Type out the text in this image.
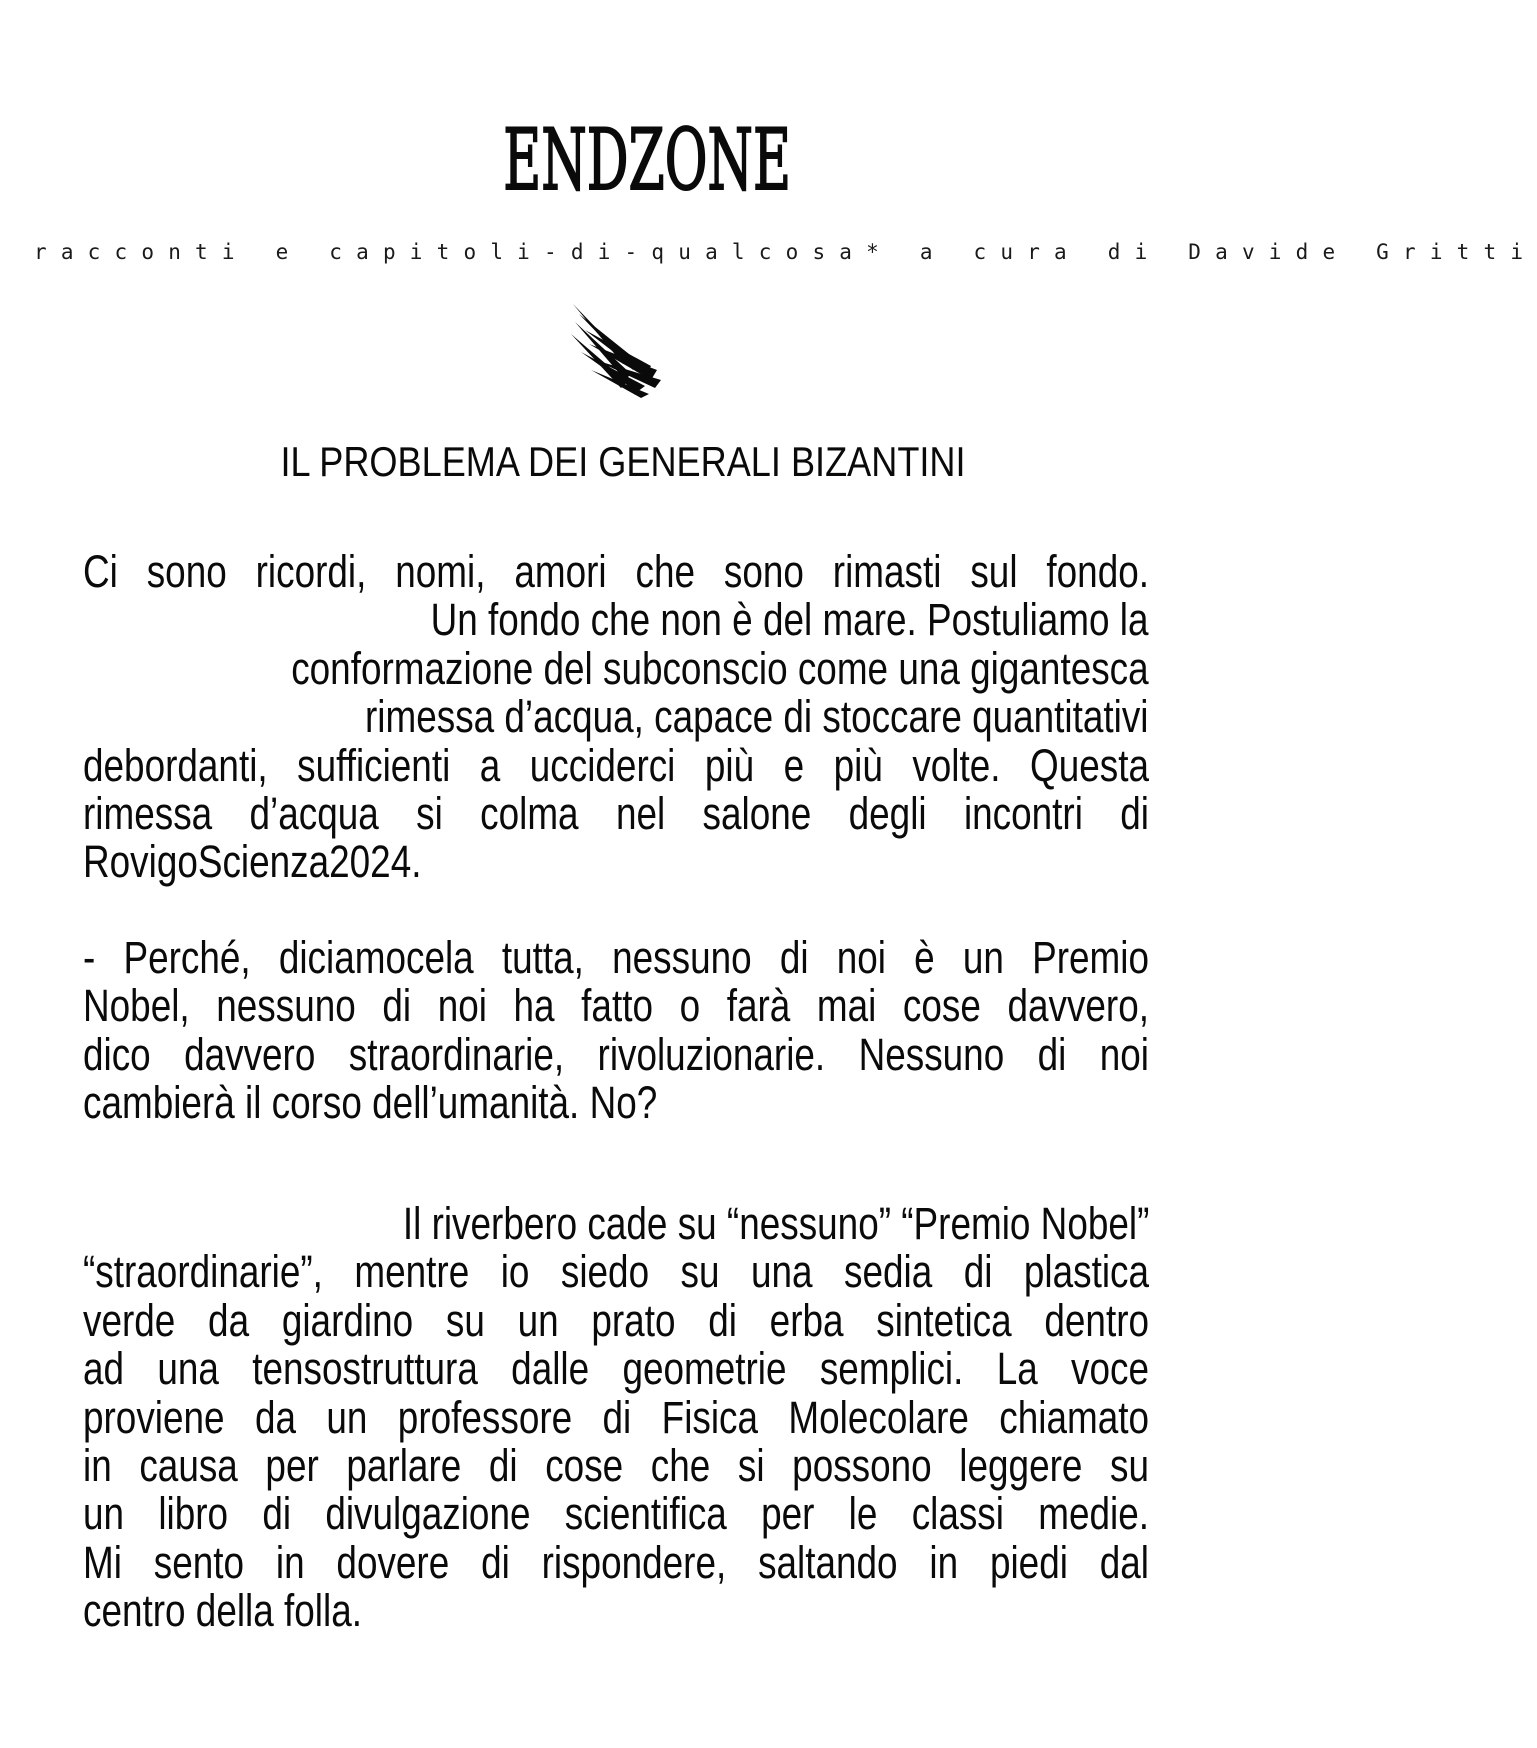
ENDZONE
racconti e capitoli-di-qualcosa* a cura di Davide Gritti
IL PROBLEMA DEI GENERALI BIZANTINI
Ci sono ricordi, nomi, amori che sono rimasti sul fondo.
Un fondo che non è del mare. Postuliamo la
conformazione del subconscio come una gigantesca
rimessa d’acqua, capace di stoccare quantitativi
debordanti, sufficienti a ucciderci più e più volte. Questa
rimessa d’acqua si colma nel salone degli incontri di
RovigoScienza2024.
- Perché, diciamocela tutta, nessuno di noi è un Premio
Nobel, nessuno di noi ha fatto o farà mai cose davvero,
dico davvero straordinarie, rivoluzionarie. Nessuno di noi
cambierà il corso dell’umanità. No?
Il riverbero cade su “nessuno” “Premio Nobel”
“straordinarie”, mentre io siedo su una sedia di plastica
verde da giardino su un prato di erba sintetica dentro
ad una tensostruttura dalle geometrie semplici. La voce
proviene da un professore di Fisica Molecolare chiamato
in causa per parlare di cose che si possono leggere su
un libro di divulgazione scientifica per le classi medie.
Mi sento in dovere di rispondere, saltando in piedi dal
centro della folla.
